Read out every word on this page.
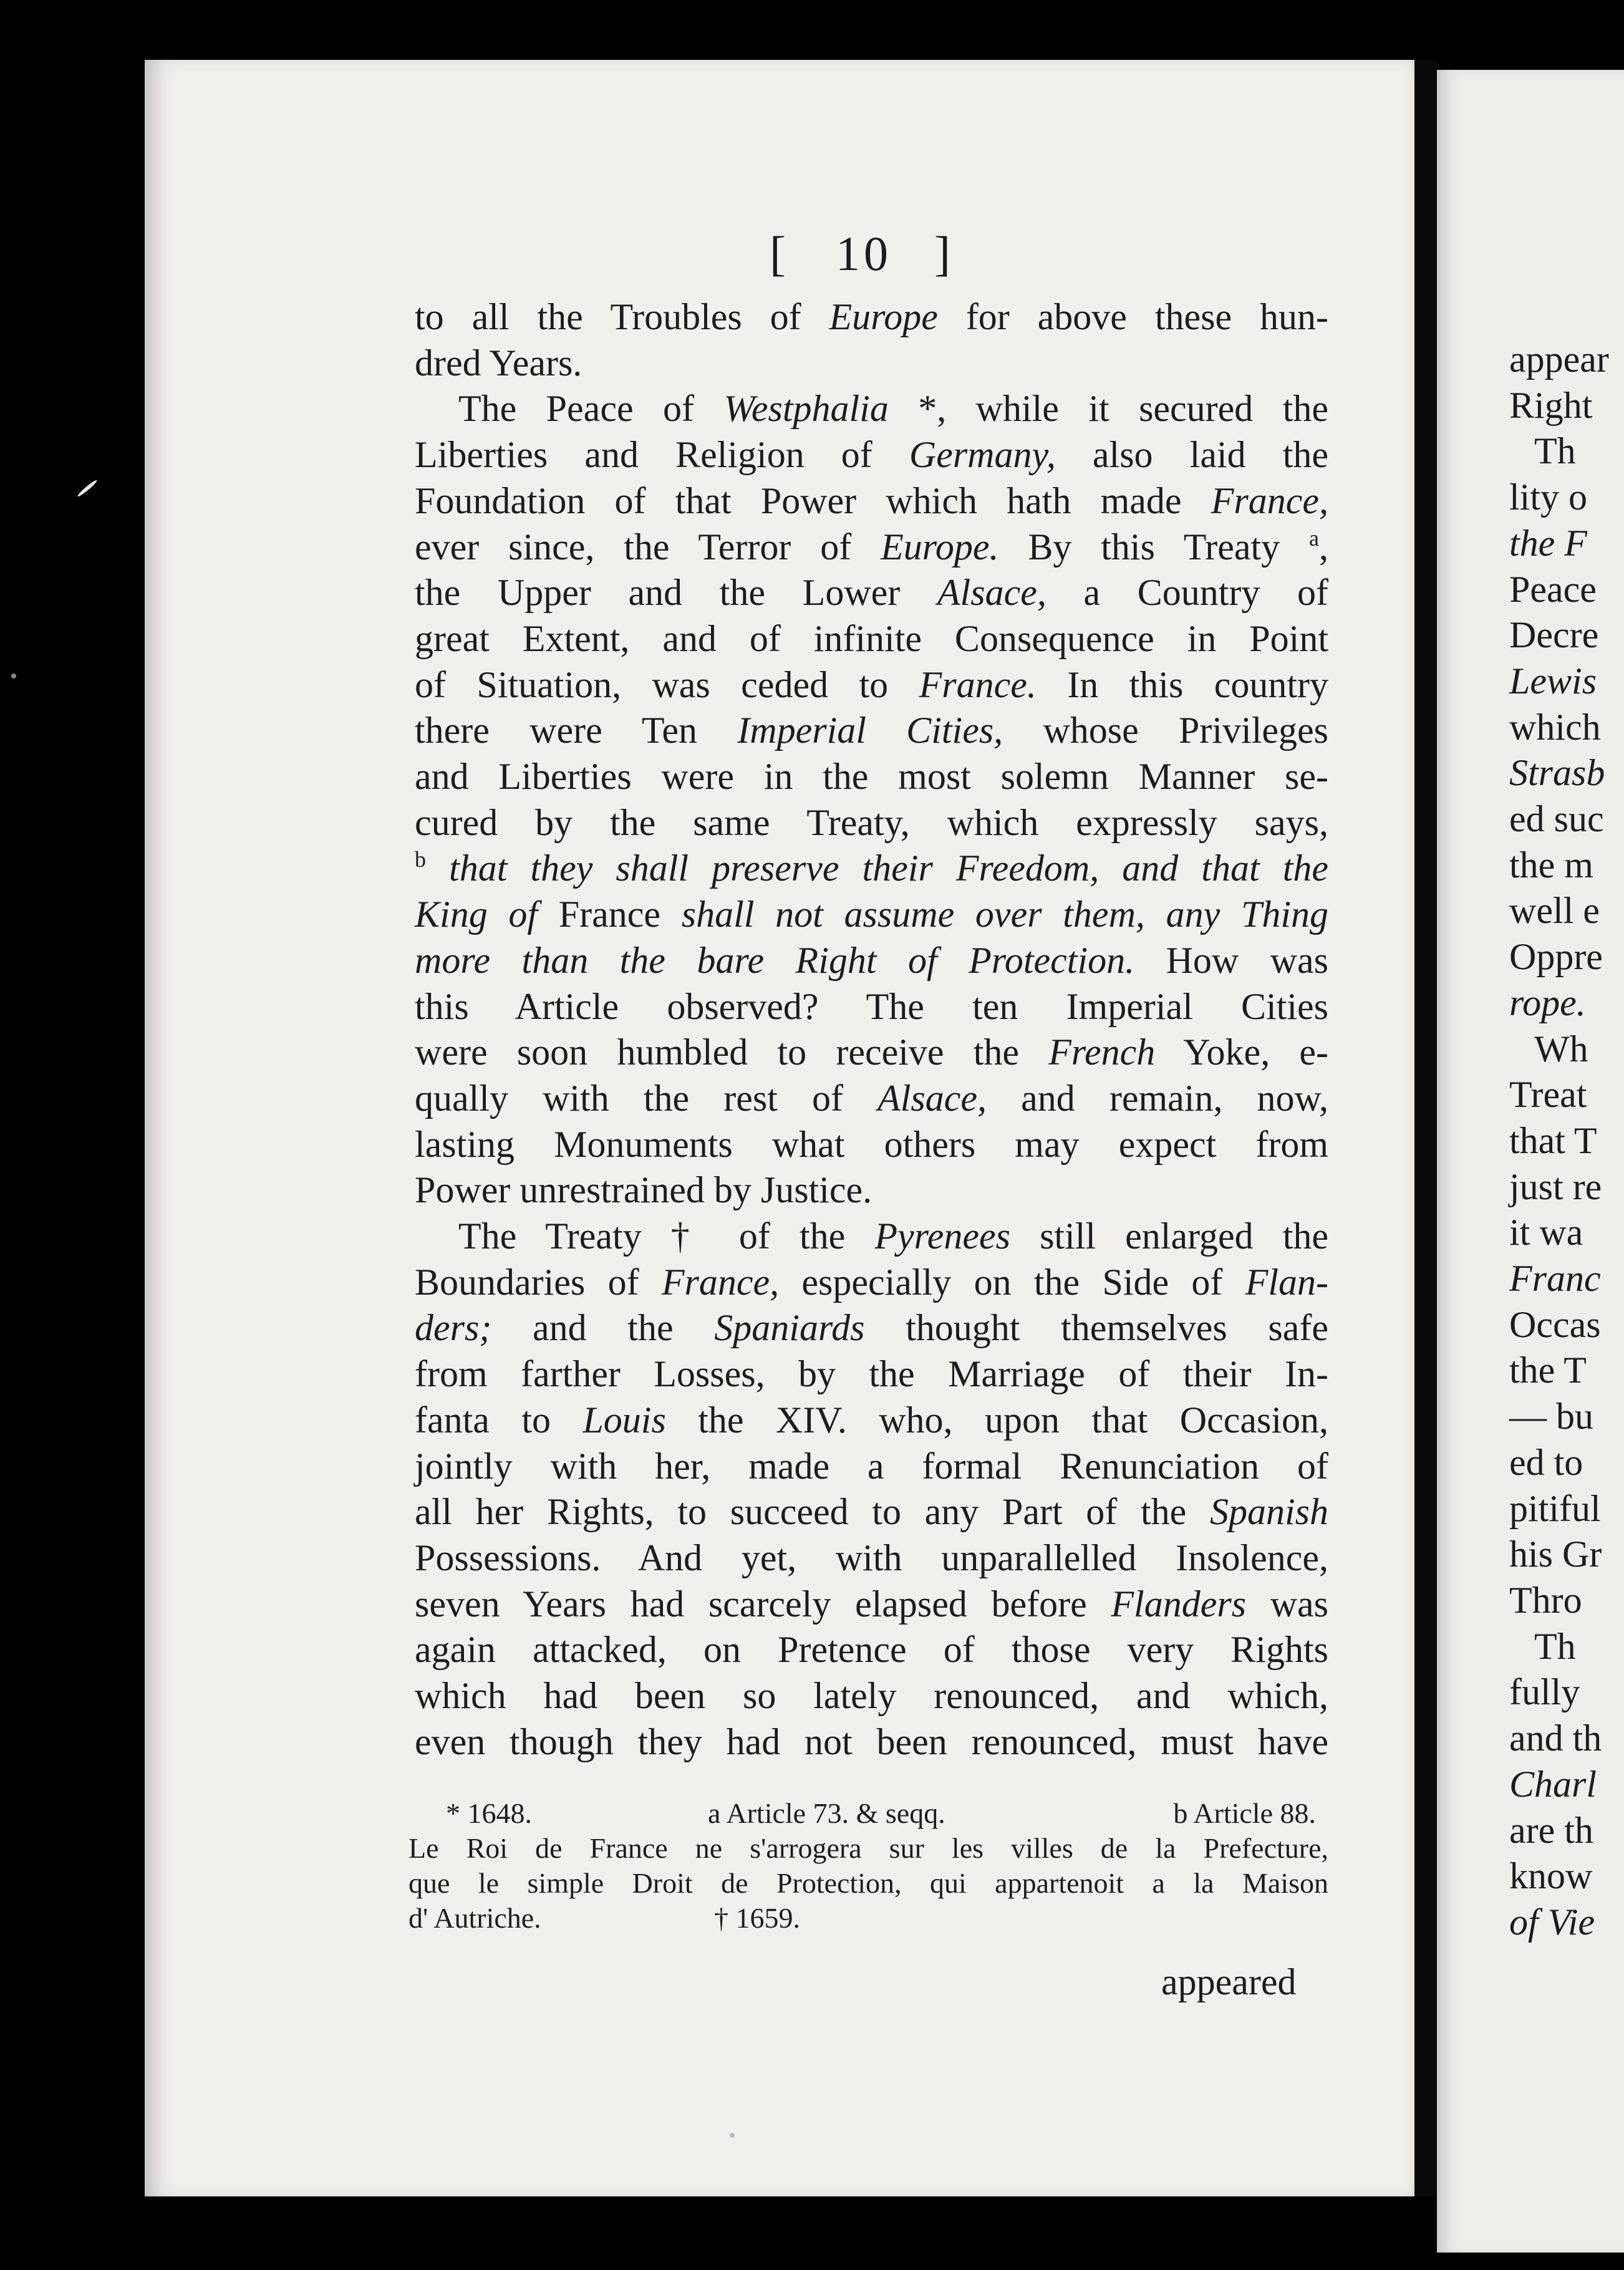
[ 10 ]
to all the Troubles of Europe for above these hun-
dred Years.
The Peace of Westphalia *, while it secured the
Liberties and Religion of Germany, also laid the
Foundation of that Power which hath made France,
ever since, the Terror of Europe. By this Treaty $^a$,
the Upper and the Lower Alsace, a Country of
great Extent, and of infinite Consequence in Point
of Situation, was ceded to France. In this country
there were Ten Imperial Cities, whose Privileges
and Liberties were in the most solemn Manner se-
cured by the same Treaty, which expressly says,
$^b$ that they shall preserve their Freedom, and that the
King of France shall not assume over them, any Thing
more than the bare Right of Protection. How was
this Article observed? The ten Imperial Cities
were soon humbled to receive the French Yoke, e-
qually with the rest of Alsace, and remain, now,
lasting Monuments what others may expect from
Power unrestrained by Justice.
The Treaty † of the Pyrenees still enlarged the
Boundaries of France, especially on the Side of Flan-
ders; and the Spaniards thought themselves safe
from farther Losses, by the Marriage of their In-
fanta to Louis the XIV. who, upon that Occasion,
jointly with her, made a formal Renunciation of
all her Rights, to succeed to any Part of the Spanish
Possessions. And yet, with unparallelled Insolence,
seven Years had scarcely elapsed before Flanders was
again attacked, on Pretence of those very Rights
which had been so lately renounced, and which,
even though they had not been renounced, must have
* 1648.	a Article 73. & seqq.	b Article 88.
Le Roi de France ne s'arrogera sur les villes de la Prefecture,
que le simple Droit de Protection, qui appartenoit a la Maison
d' Autriche.	† 1659.
appeared
appear
Right
Th
lity o
the F
Peace
Decre
Lewis
which
Strasb
ed suc
the m
well e
Oppre
rope.
Wh
Treat
that T
just re
it wa
Franc
Occas
the T
— bu
ed to
pitiful
his Gr
Thro
Th
fully
and th
Charl
are th
know
of Vie
